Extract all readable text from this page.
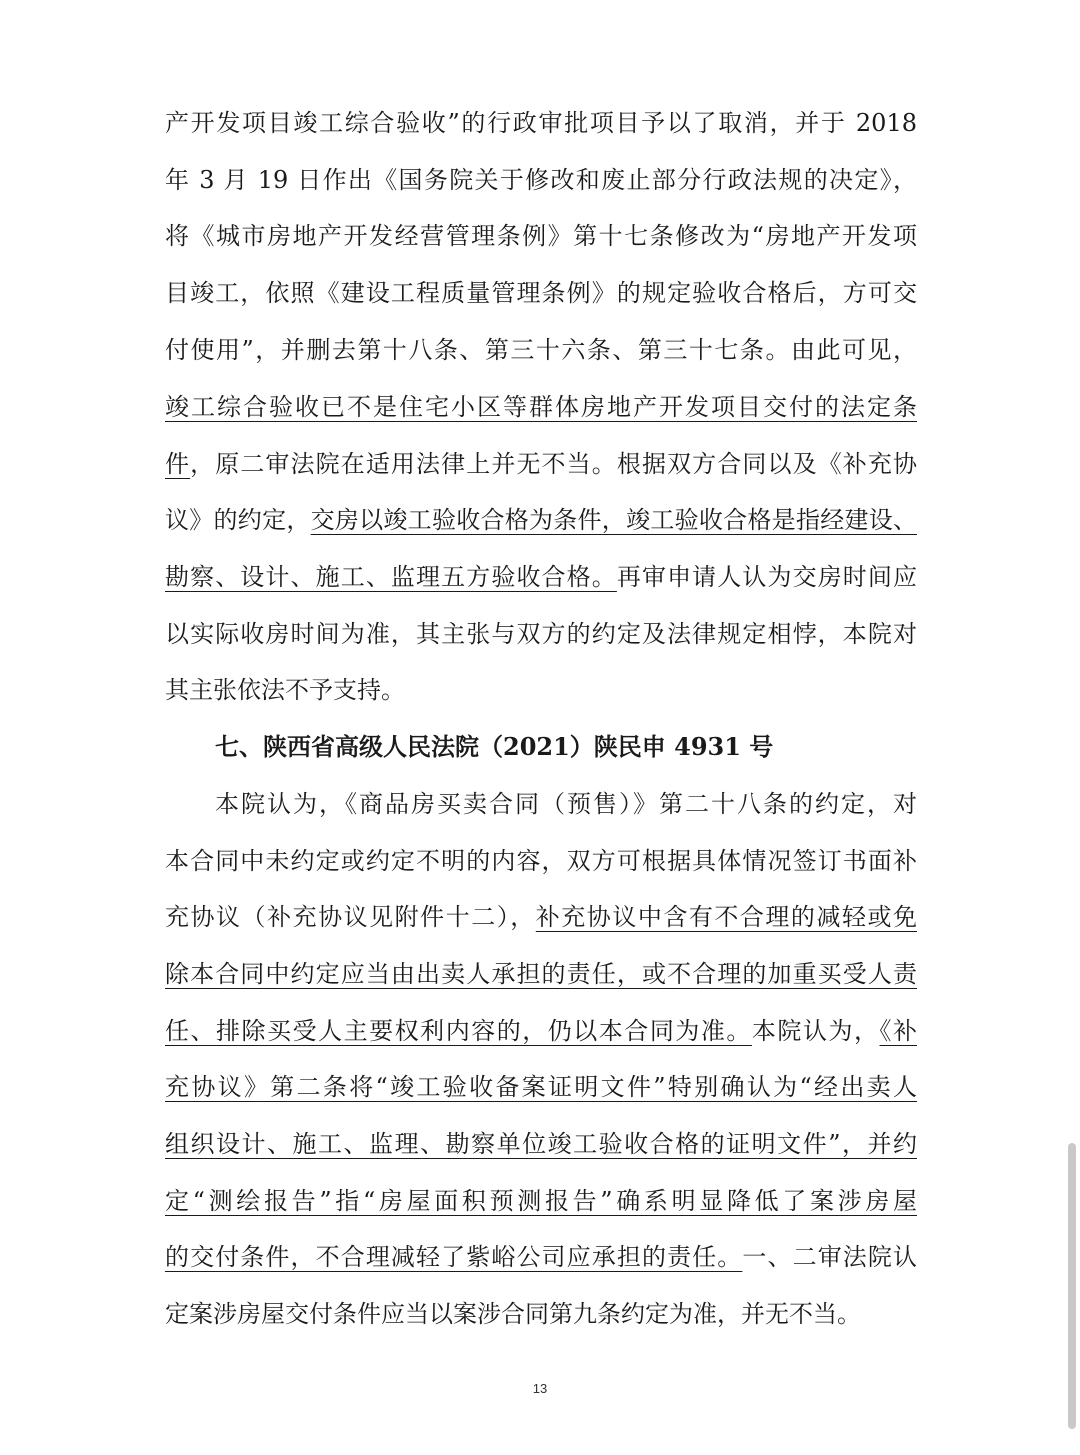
产开发项目竣工综合验收”的行政审批项目予以了取消，并于 2018
年 3 月 19 日作出《国务院关于修改和废止部分行政法规的决定》，
将《城市房地产开发经营管理条例》第十七条修改为“房地产开发项
目竣工，依照《建设工程质量管理条例》的规定验收合格后，方可交
付使用”，并删去第十八条、第三十六条、第三十七条。由此可见，
竣工综合验收已不是住宅小区等群体房地产开发项目交付的法定条
件，原二审法院在适用法律上并无不当。根据双方合同以及《补充协
议》的约定，交房以竣工验收合格为条件，竣工验收合格是指经建设、
勘察、设计、施工、监理五方验收合格。再审申请人认为交房时间应
以实际收房时间为准，其主张与双方的约定及法律规定相悖，本院对
其主张依法不予支持。
七、陕西省高级人民法院（2021）陕民申 4931 号
本院认为，《商品房买卖合同（预售）》第二十八条的约定，对
本合同中未约定或约定不明的内容，双方可根据具体情况签订书面补
充协议（补充协议见附件十二），补充协议中含有不合理的减轻或免
除本合同中约定应当由出卖人承担的责任，或不合理的加重买受人责
任、排除买受人主要权利内容的，仍以本合同为准。本院认为，《补
充协议》第二条将“竣工验收备案证明文件”特别确认为“经出卖人
组织设计、施工、监理、勘察单位竣工验收合格的证明文件”，并约
定“测绘报告”指“房屋面积预测报告”确系明显降低了案涉房屋
的交付条件，不合理减轻了紫峪公司应承担的责任。一、二审法院认
定案涉房屋交付条件应当以案涉合同第九条约定为准，并无不当。
13
